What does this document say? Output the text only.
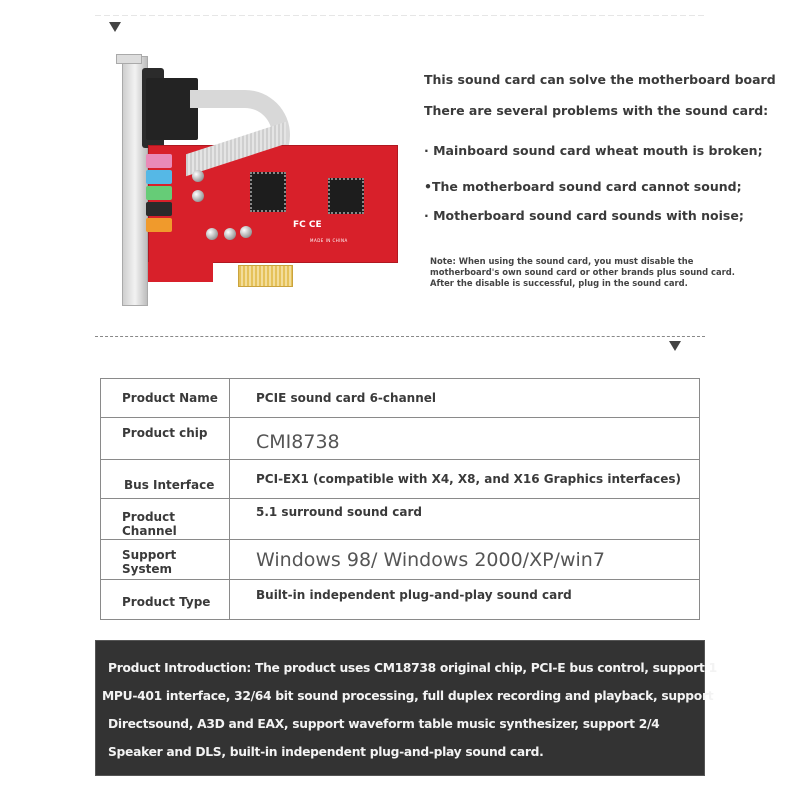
FC CE
MADE IN CHINA
This sound card can solve the motherboard board
There are several problems with the sound card:
· Mainboard sound card wheat mouth is broken;
•The motherboard sound card cannot sound;
· Motherboard sound card sounds with noise;
Note: When using the sound card, you must disable the
motherboard's own sound card or other brands plus sound card.
After the disable is successful, plug in the sound card.
Product Name	PCIE sound card 6-channel
Product chip	CMI8738
Bus Interface	PCI-EX1 (compatible with X4, X8, and X16 Graphics interfaces)
Product Channel	5.1 surround sound card
Support System	Windows 98/ Windows 2000/XP/win7
Product Type	Built-in independent plug-and-play sound card
Product Introduction: The product uses CM18738 original chip, PCI-E bus control, support 1
MPU-401 interface, 32/64 bit sound processing, full duplex recording and playback, support
Directsound, A3D and EAX, support waveform table music synthesizer, support 2/4
Speaker and DLS, built-in independent plug-and-play sound card.
